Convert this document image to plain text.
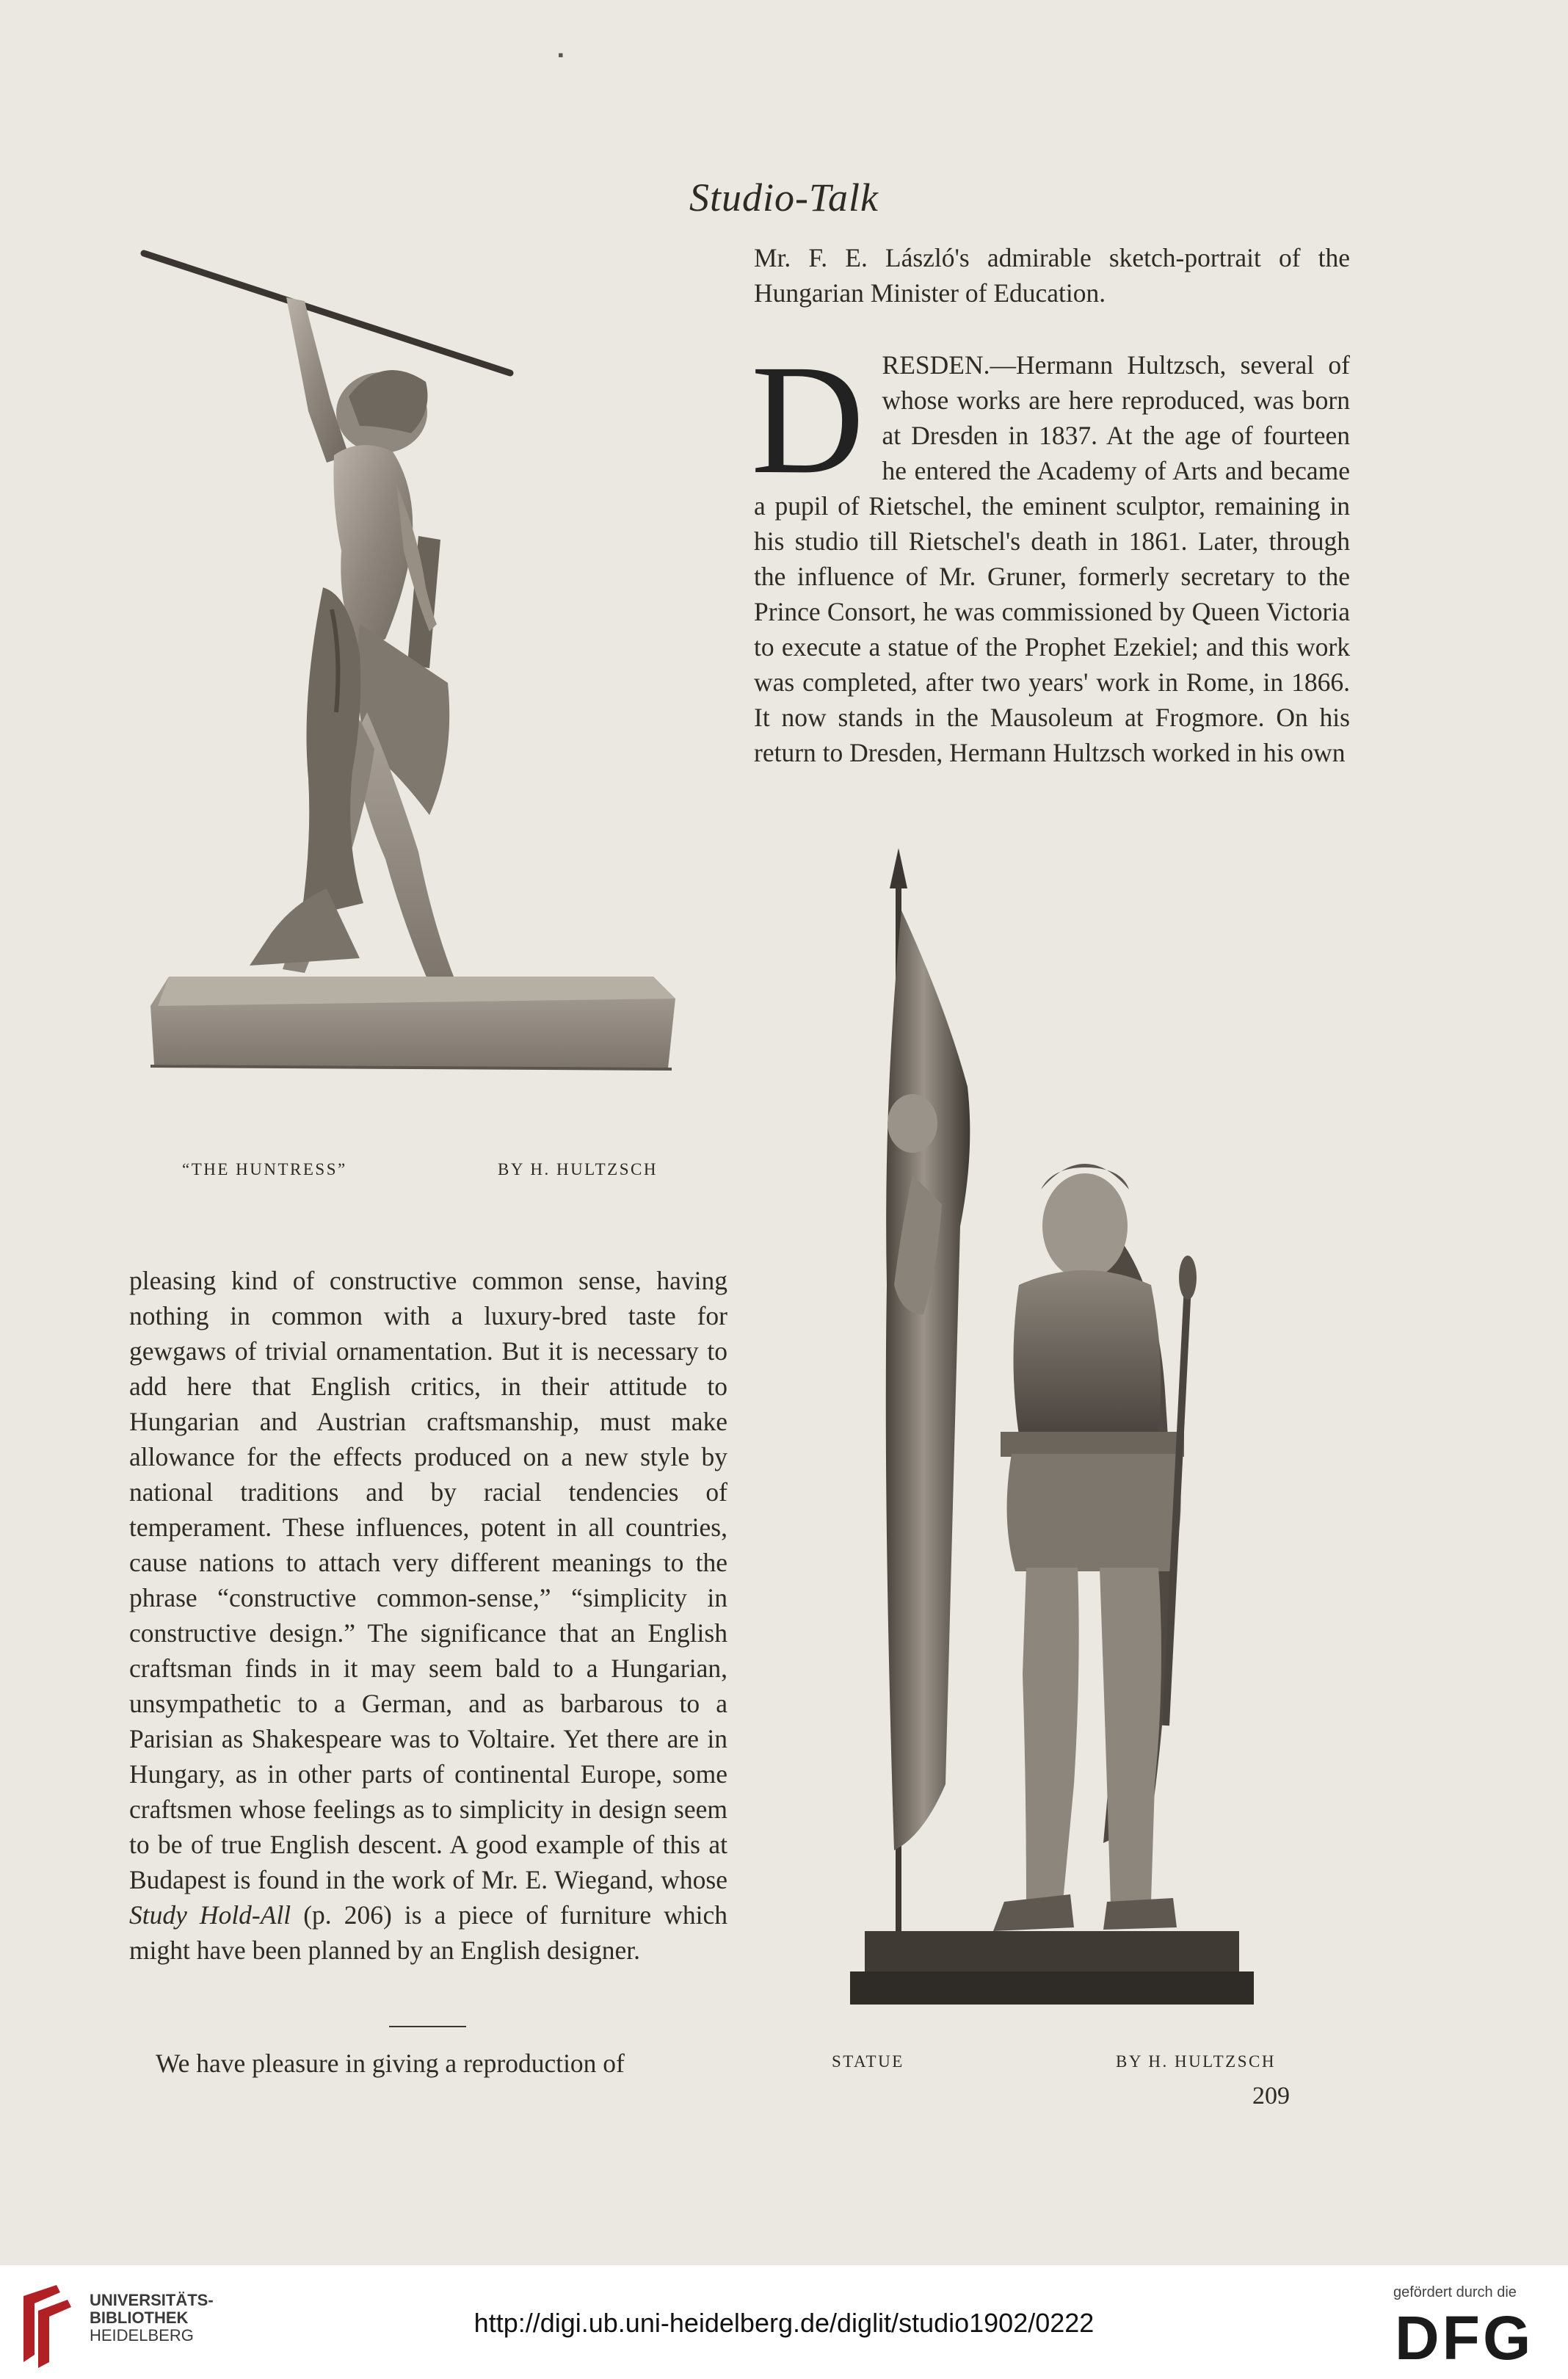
▪
Studio-Talk
“THE HUNTRESS”	BY H. HULTZSCH

Mr. F. E. László's admirable sketch-portrait of the Hungarian Minister of Education.

DRESDEN.—Hermann Hultzsch, several of whose works are here reproduced, was born at Dresden in 1837. At the age of fourteen he entered the Academy of Arts and became a pupil of Rietschel, the eminent sculptor, remaining in his studio till Rietschel's death in 1861. Later, through the influence of Mr. Gruner, formerly secretary to the Prince Consort, he was commissioned by Queen Victoria to execute a statue of the Prophet Ezekiel; and this work was completed, after two years' work in Rome, in 1866. It now stands in the Mausoleum at Frogmore. On his return to Dresden, Hermann Hultzsch worked in his own

pleasing kind of constructive common sense, having nothing in common with a luxury-bred taste for gewgaws of trivial ornamentation. But it is necessary to add here that English critics, in their attitude to Hungarian and Austrian craftsmanship, must make allowance for the effects produced on a new style by national traditions and by racial tendencies of temperament. These influences, potent in all countries, cause nations to attach very different meanings to the phrase “constructive common-sense,” “simplicity in constructive design.” The significance that an English craftsman finds in it may seem bald to a Hungarian, unsympathetic to a German, and as barbarous to a Parisian as Shakespeare was to Voltaire. Yet there are in Hungary, as in other parts of continental Europe, some craftsmen whose feelings as to simplicity in design seem to be of true English descent. A good example of this at Budapest is found in the work of Mr. E. Wiegand, whose Study Hold-All (p. 206) is a piece of furniture which might have been planned by an English designer.

We have pleasure in giving a reproduction of	STATUE	BY H. HULTZSCH
209
UNIVERSITÄTS-
BIBLIOTHEK
HEIDELBERG	http://digi.ub.uni-heidelberg.de/diglit/studio1902/0222
gefördert durch die
DFG
